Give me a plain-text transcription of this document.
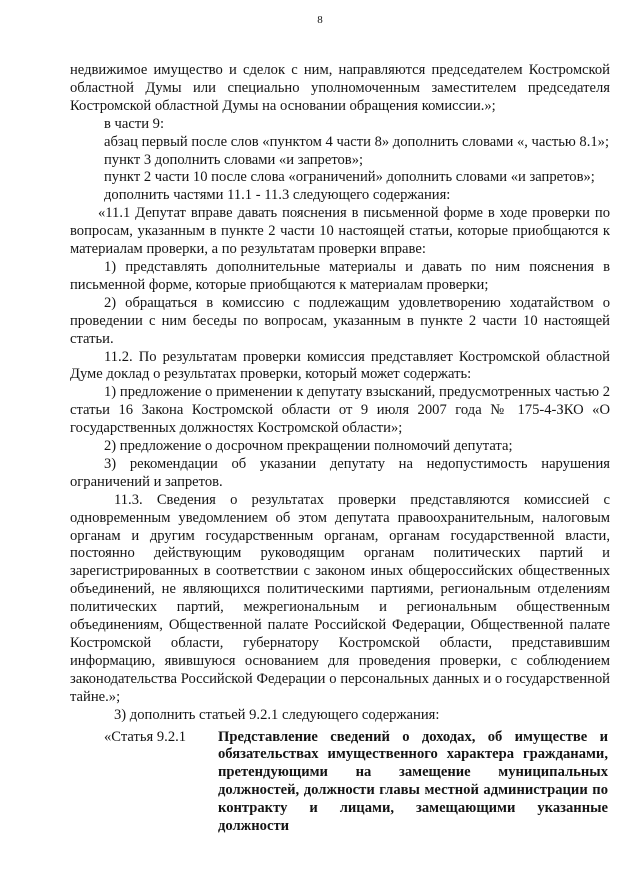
8

недвижимое имущество и сделок с ним, направляются председателем Костромской областной Думы или специально уполномоченным заместителем председателя Костромской областной Думы на основании обращения комиссии.»;

в части 9:

абзац первый после слов «пунктом 4 части 8» дополнить словами «, частью 8.1»;

пункт 3 дополнить словами «и запретов»;

пункт 2 части 10 после слова «ограничений» дополнить словами «и запретов»;

дополнить частями 11.1 - 11.3 следующего содержания:

«11.1 Депутат вправе давать пояснения в письменной форме в ходе проверки по вопросам, указанным в пункте 2 части 10 настоящей статьи, которые приобщаются к материалам проверки, а по результатам проверки вправе:

1) представлять дополнительные материалы и давать по ним пояснения в письменной форме, которые приобщаются к материалам проверки;

2) обращаться в комиссию с подлежащим удовлетворению ходатайством о проведении с ним беседы по вопросам, указанным в пункте 2 части 10 настоящей статьи.

11.2. По результатам проверки комиссия представляет Костромской областной Думе доклад о результатах проверки, который может содержать:

1) предложение о применении к депутату взысканий, предусмотренных частью 2 статьи 16 Закона Костромской области от 9 июля 2007 года № 175-4-ЗКО «О государственных должностях Костромской области»;

2) предложение о досрочном прекращении полномочий депутата;

3) рекомендации об указании депутату на недопустимость нарушения ограничений и запретов.

11.3. Сведения о результатах проверки представляются комиссией с одновременным уведомлением об этом депутата правоохранительным, налоговым органам и другим государственным органам, органам государственной власти, постоянно действующим руководящим органам политических партий и зарегистрированных в соответствии с законом иных общероссийских общественных объединений, не являющихся политическими партиями, региональным отделениям политических партий, межрегиональным и региональным общественным объединениям, Общественной палате Российской Федерации, Общественной палате Костромской области, губернатору Костромской области, представившим информацию, явившуюся основанием для проведения проверки, с соблюдением законодательства Российской Федерации о персональных данных и о государственной тайне.»;

3) дополнить статьей 9.2.1 следующего содержания:

«Статья 9.2.1	Представление сведений о доходах, об имуществе и обязательствах имущественного характера гражданами, претендующими на замещение муниципальных должностей, должности главы местной администрации по контракту и лицами, замещающими указанные должности
